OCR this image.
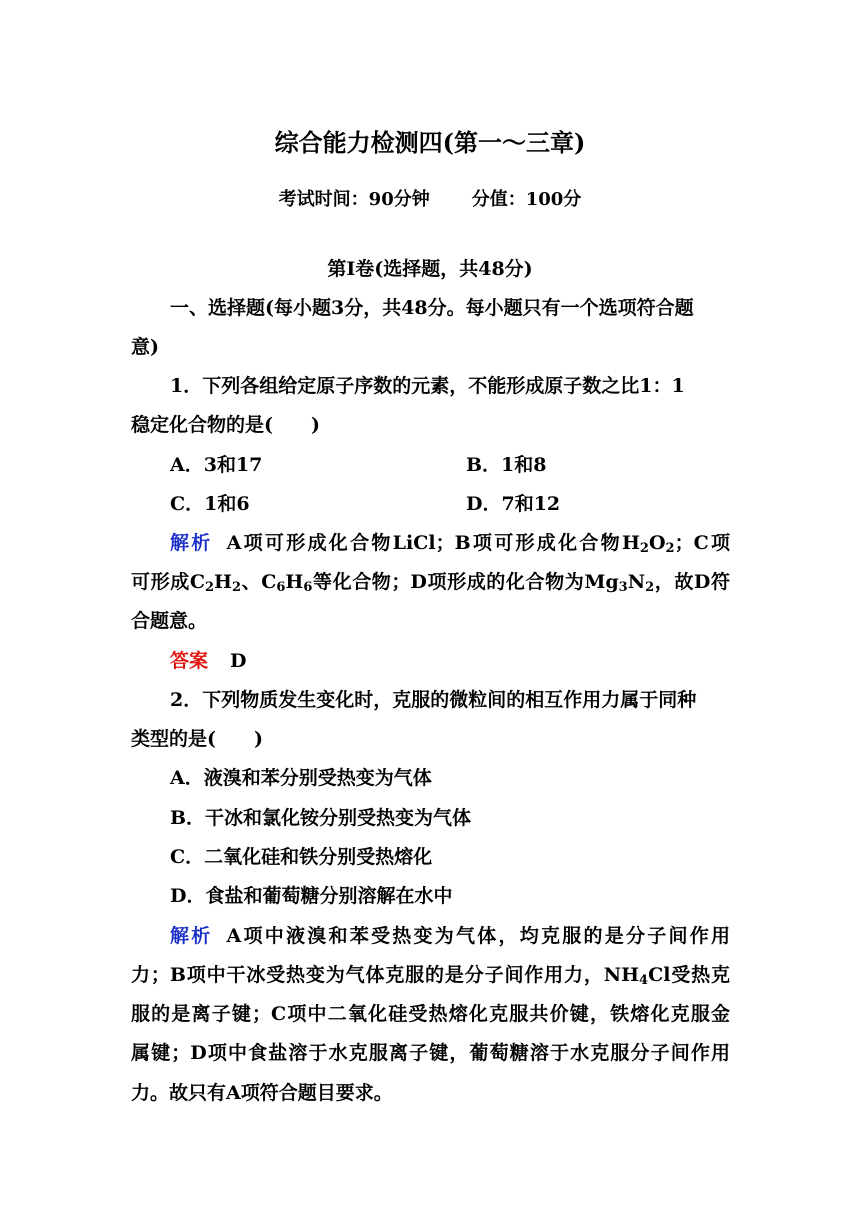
综合能力检测四(第一～三章)
考试时间：90分钟 分值：100分
第Ⅰ卷(选择题，共48分)
一、选择题(每小题3分，共48分。每小题只有一个选项符合题
意)
1．下列各组给定原子序数的元素，不能形成原子数之比1：1
稳定化合物的是(　　)
A．3和17	B．1和8
C．1和6	D．7和12
解析 A项可形成化合物LiCl；B项可形成化合物$H_2O_2$；C项
可形成$C_2H_2$、$C_6H_6$等化合物；D项形成的化合物为$Mg_3N_2$，故D符
合题意。
答案 D
2．下列物质发生变化时，克服的微粒间的相互作用力属于同种
类型的是(　　)
A．液溴和苯分别受热变为气体
B．干冰和氯化铵分别受热变为气体
C．二氧化硅和铁分别受热熔化
D．食盐和葡萄糖分别溶解在水中
解析 A项中液溴和苯受热变为气体，均克服的是分子间作用
力；B项中干冰受热变为气体克服的是分子间作用力，$NH_4Cl$受热克
服的是离子键；C项中二氧化硅受热熔化克服共价键，铁熔化克服金
属键；D项中食盐溶于水克服离子键，葡萄糖溶于水克服分子间作用
力。故只有A项符合题目要求。
